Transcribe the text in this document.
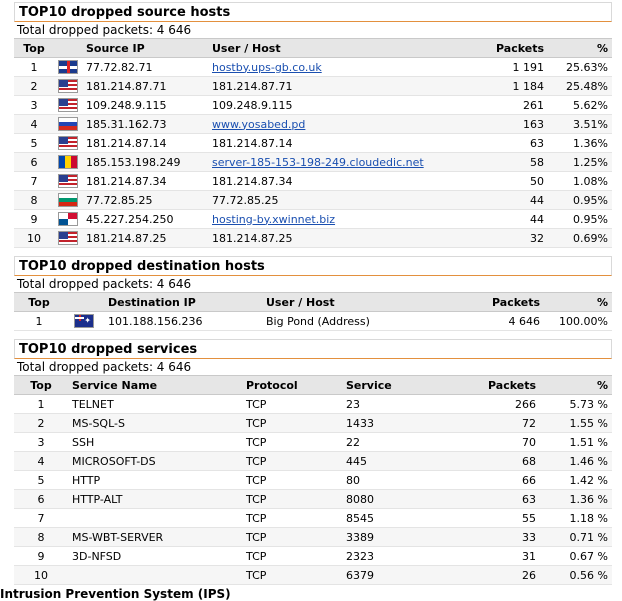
TOP10 dropped source hosts
Total dropped packets: 4 646
Top		Source IP	User / Host	Packets	%
1		77.72.82.71	hostby.ups-gb.co.uk	1 191	25.63%
2		181.214.87.71	181.214.87.71	1 184	25.48%
3		109.248.9.115	109.248.9.115	261	5.62%
4		185.31.162.73	www.yosabed.pd	163	3.51%
5		181.214.87.14	181.214.87.14	63	1.36%
6		185.153.198.249	server-185-153-198-249.cloudedic.net	58	1.25%
7		181.214.87.34	181.214.87.34	50	1.08%
8		77.72.85.25	77.72.85.25	44	0.95%
9		45.227.254.250	hosting-by.xwinnet.biz	44	0.95%
10		181.214.87.25	181.214.87.25	32	0.69%
TOP10 dropped destination hosts
Total dropped packets: 4 646
Top		Destination IP	User / Host	Packets	%
1	✦	101.188.156.236	Big Pond (Address)	4 646	100.00%
TOP10 dropped services
Total dropped packets: 4 646
Top	Service Name	Protocol	Service	Packets	%
1	TELNET	TCP	23	266	5.73 %
2	MS-SQL-S	TCP	1433	72	1.55 %
3	SSH	TCP	22	70	1.51 %
4	MICROSOFT-DS	TCP	445	68	1.46 %
5	HTTP	TCP	80	66	1.42 %
6	HTTP-ALT	TCP	8080	63	1.36 %
7		TCP	8545	55	1.18 %
8	MS-WBT-SERVER	TCP	3389	33	0.71 %
9	3D-NFSD	TCP	2323	31	0.67 %
10		TCP	6379	26	0.56 %
Intrusion Prevention System (IPS)
